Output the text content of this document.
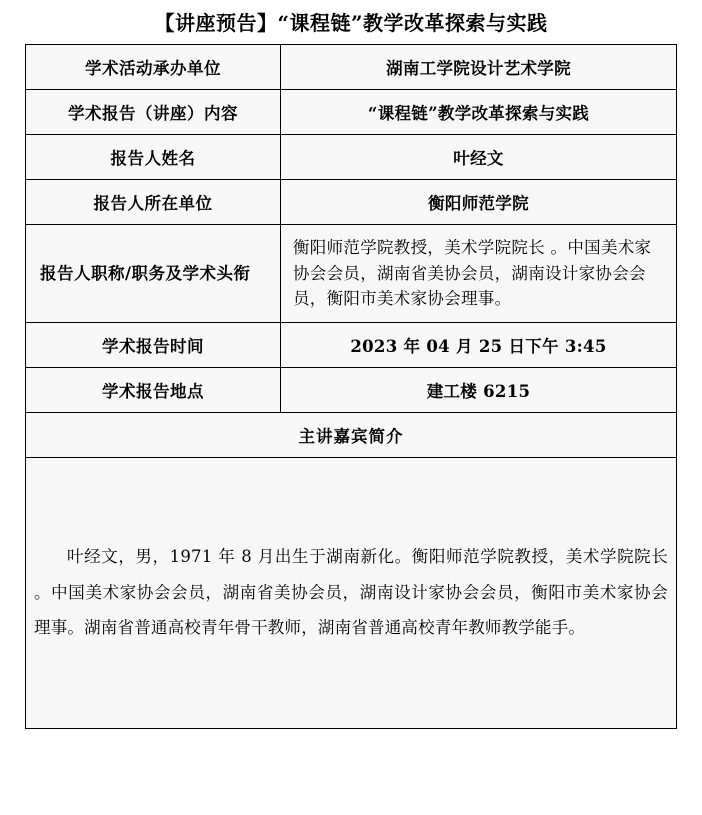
【讲座预告】“课程链”教学改革探索与实践
学术活动承办单位	湖南工学院设计艺术学院
学术报告（讲座）内容	“课程链”教学改革探索与实践
报告人姓名	叶经文
报告人所在单位	衡阳师范学院
报告人职称/职务及学术头衔	衡阳师范学院教授，美术学院院长 。中国美术家协会会员，湖南省美协会员，湖南设计家协会会员，衡阳市美术家协会理事。
学术报告时间	2023 年 04 月 25 日下午 3:45
学术报告地点	建工楼 6215
主讲嘉宾简介	

叶经文，男，1971 年 8 月出生于湖南新化。衡阳师范学院教授，美术学院院长 。中国美术家协会会员，湖南省美协会员，湖南设计家协会会员，衡阳市美术家协会理事。湖南省普通高校青年骨干教师，湖南省普通高校青年教师教学能手。	
